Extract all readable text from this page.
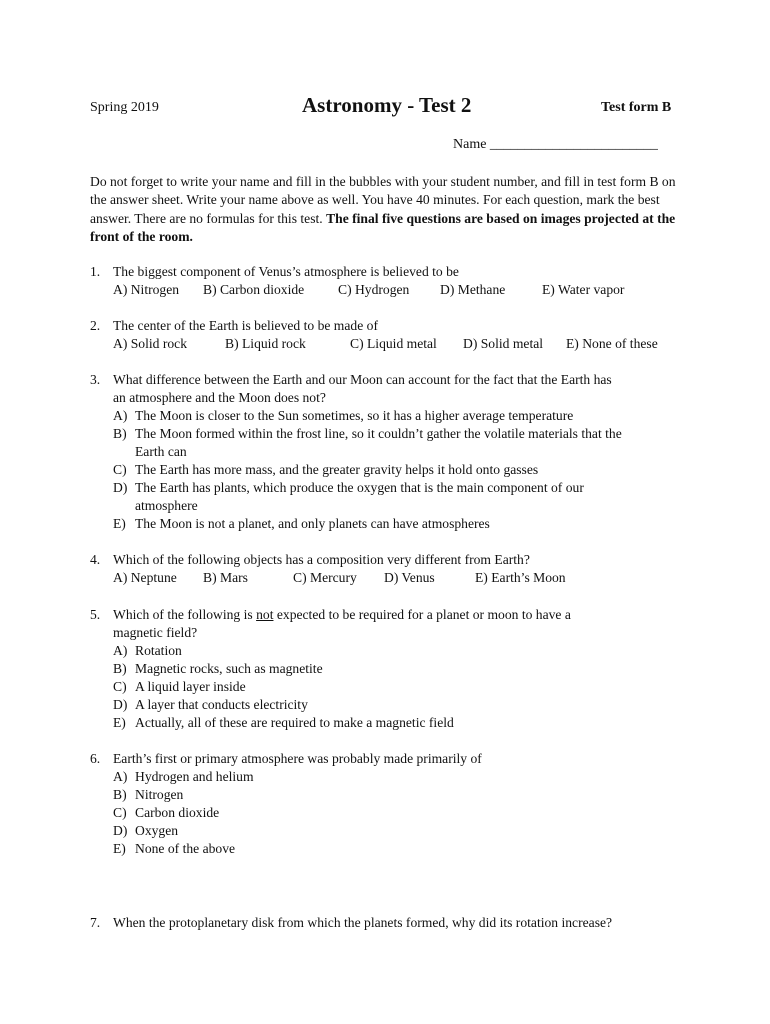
Spring 2019	Astronomy - Test 2	Test form B
Name ________________________
Do not forget to write your name and fill in the bubbles with your student number, and fill in test form B on the answer sheet. Write your name above as well. You have 40 minutes. For each question, mark the best answer. There are no formulas for this test. The final five questions are based on images projected at the front of the room.
1. The biggest component of Venus’s atmosphere is believed to be
A) Nitrogen B) Carbon dioxide C) Hydrogen D) Methane	E) Water vapor
2. The center of the Earth is believed to be made of
A) Solid rock	B) Liquid rock	C) Liquid metal D) Solid metal E) None of these
3. What difference between the Earth and our Moon can account for the fact that the Earth has
an atmosphere and the Moon does not?
A) The Moon is closer to the Sun sometimes, so it has a higher average temperature
B) The Moon formed within the frost line, so it couldn’t gather the volatile materials that the
Earth can
C) The Earth has more mass, and the greater gravity helps it hold onto gasses
D) The Earth has plants, which produce the oxygen that is the main component of our
atmosphere
E) The Moon is not a planet, and only planets can have atmospheres
4. Which of the following objects has a composition very different from Earth?
A) Neptune B) Mars	C) Mercury D) Venus	E) Earth’s Moon
5. Which of the following is not expected to be required for a planet or moon to have a
magnetic field?
A) Rotation
B) Magnetic rocks, such as magnetite
C) A liquid layer inside
D) A layer that conducts electricity
E) Actually, all of these are required to make a magnetic field
6. Earth’s first or primary atmosphere was probably made primarily of
A) Hydrogen and helium
B) Nitrogen
C) Carbon dioxide
D) Oxygen
E) None of the above
7. When the protoplanetary disk from which the planets formed, why did its rotation increase?
